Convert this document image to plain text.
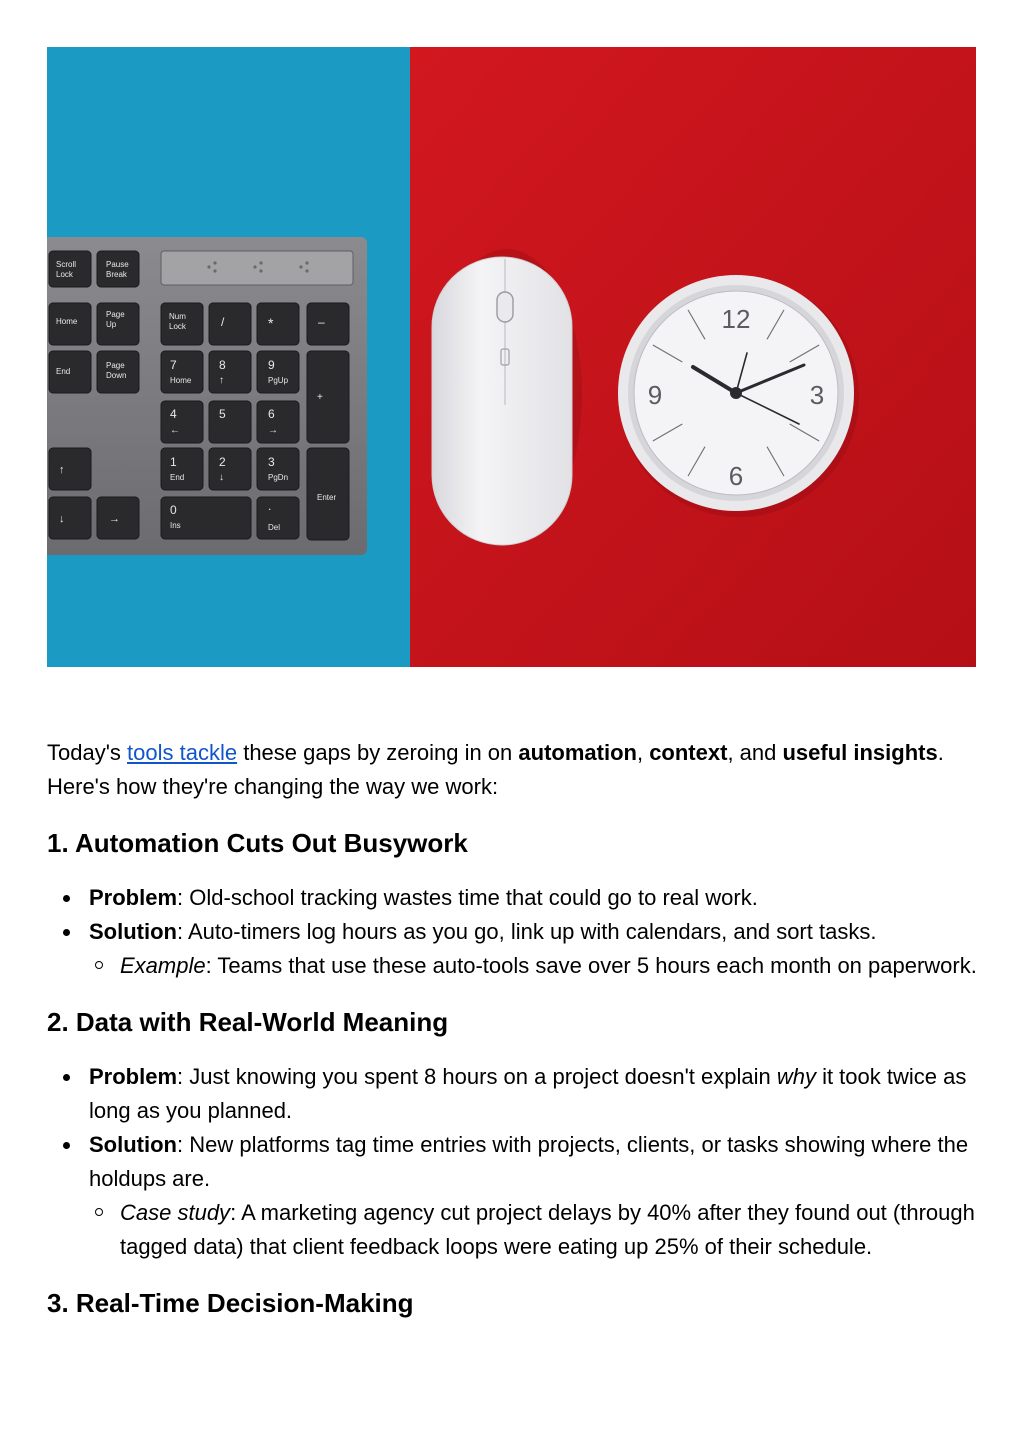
Scroll
Lock
Pause
Break
Home
Page
Up
Num
Lock	/	*	–
End
Page
Down
7
Home
8
↑
9
PgUp
+
4
←
5	6
→
↑
1
End
2
↓
3
PgDn
Enter
↓	→
0
Ins
.
Del
12
3
6
9

Today's tools tackle these gaps by zeroing in on automation, context, and useful insights. Here's how they're changing the way we work:

1. Automation Cuts Out Busywork
Problem: Old-school tracking wastes time that could go to real work.
Solution: Auto-timers log hours as you go, link up with calendars, and sort tasks.
Example: Teams that use these auto-tools save over 5 hours each month on paperwork.
2. Data with Real-World Meaning
Problem: Just knowing you spent 8 hours on a project doesn't explain why it took twice as long as you planned.
Solution: New platforms tag time entries with projects, clients, or tasks showing where the holdups are.
Case study: A marketing agency cut project delays by 40% after they found out (through tagged data) that client feedback loops were eating up 25% of their schedule.
3. Real-Time Decision-Making
